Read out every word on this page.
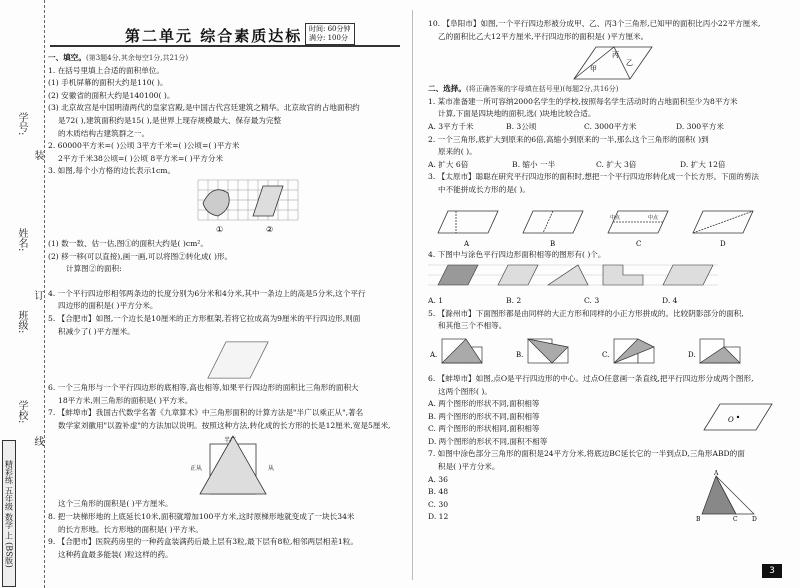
学号:
姓名:
班级:
学校:
装
订
线
精彩练 五年级 数学 上 (BS版)
第二单元 综合素质达标 时间: 60分钟
满分: 100分

一、填空。(第3题4分,其余每空1分,共21分)

1. 在括号里填上合适的面积单位。

(1) 手机屏幕的面积大约是110( )。

(2) 安徽省的面积大约是140100( )。

(3) 北京故宫是中国明清两代的皇家宫殿,是中国古代宫廷建筑之精华。北京故宫的占地面积约

是72( ),建筑面积约是15( ),是世界上现存规模最大、保存最为完整

的木质结构古建筑群之一。

2. 60000平方米=( )公顷 3平方千米=( )公顷=( )平方米

2平方千米38公顷=( )公顷 8平方米=( )平方分米

3. 如图,每个小方格的边长表示1cm。

①	②

(1) 数一数、估一估,图①的面积大约是( )cm²。

(2) 移一移(可以直接),画一画,可以将图②转化成( )形。

计算图②的面积:

4. 一个平行四边形相邻两条边的长度分别为6分米和4分米,其中一条边上的高是5分米,这个平行

四边形的面积是( )平方分米。

5. 【合肥市】如图,一个边长是10厘米的正方形框架,若将它拉成高为9厘米的平行四边形,则面

积减少了( )平方厘米。

6. 一个三角形与一个平行四边形的底相等,高也相等,如果平行四边形的面积比三角形的面积大

18平方米,则三角形的面积是( )平方米。

7. 【蚌埠市】我国古代数学名著《九章算术》中三角形面积的计算方法是"半广以乘正从",著名

数学家刘徽用"以盈补虚"的方法加以说明。按照这种方法,转化成的长方形的长是12厘米,宽是5厘米,

半广
从
正从

这个三角形的面积是( )平方厘米。

8. 把一块梯形地的上底延长10米,面积就增加100平方米,这时原梯形地就变成了一块长34米

的长方形地。长方形地的面积是( )平方米。

9. 【合肥市】医院药房里的一种药盒装满药后最上层有3粒,最下层有8粒,相邻两层相差1粒。

这种药盒最多能装( )粒这样的药。

10. 【阜阳市】如图,一个平行四边形被分成甲、乙、丙3个三角形,已知甲的面积比丙小22平方厘米,

乙的面积比乙大12平方厘米,平行四边形的面积是( )平方厘米。

甲
乙
丙

二、选择。(将正确答案的字母填在括号里)(每题2分,共16分)

1. 某市准备建一所可容纳2000名学生的学校,按照每名学生活动时的占地面积至少为8平方米

计算,下面是四块地的面积,选( )块地比较合适。

A. 3平方千米	B. 3公顷	C. 3000平方米	D. 300平方米

2. 一个三角形,底扩大到原来的6倍,高缩小到原来的一半,那么这个三角形的面积( )到

原来的( )。

A. 扩大 6倍	B. 缩小 一半	C. 扩大 3倍	D. 扩大 12倍

3. 【太原市】聪聪在研究平行四边形的面积时,想把一个平行四边形转化成一个长方形。下面的剪法

中不能拼成长方形的是( )。

中点	中点
A	B	C	D

4. 下图中与涂色平行四边形面积相等的图形有( )个。

A. 1	B. 2	C. 3	D. 4

5. 【滁州市】下面图形都是由同样的大正方形和同样的小正方形拼成的。比较阴影部分的面积,

和其他三个不相等。

A.	B.	C.	D.

6. 【蚌埠市】如图,点O是平行四边形的中心。过点O任意画一条直线,把平行四边形分成两个图形,

这两个图形( )。

A. 两个图形的形状不同,面积相等

B. 两个图形的形状不同,面积相等

C. 两个图形的形状相同,面积相等

D. 两个图形的形状不同,面积不相等

O

7. 如图中涂色部分三角形的面积是24平方分米,将底边BC延长它的一半到点D,三角形ABD的面

积是( )平方分米。

A. 36

B. 48

C. 30

D. 12

A
B	C D
3
